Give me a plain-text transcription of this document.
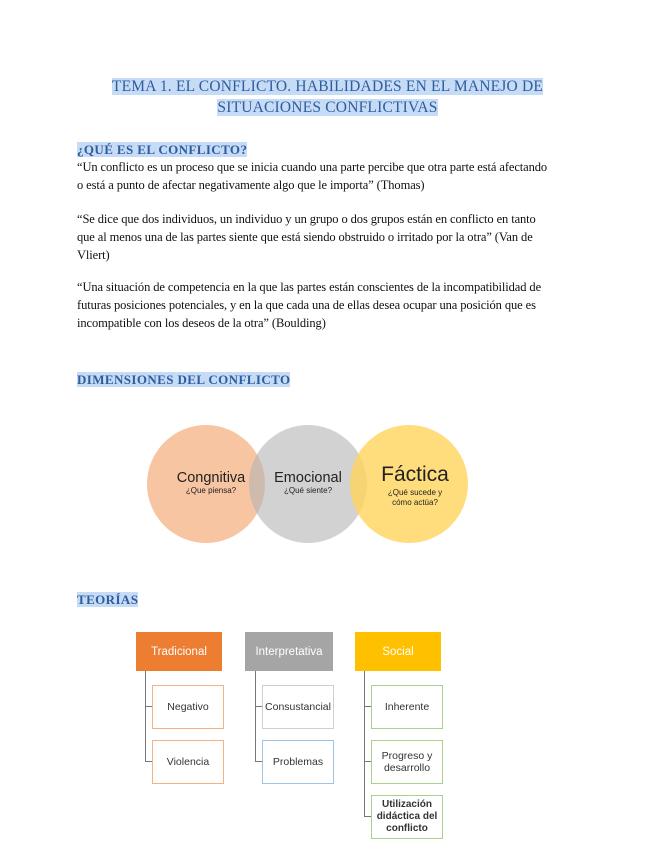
TEMA 1. EL CONFLICTO. HABILIDADES EN EL MANEJO DE
SITUACIONES CONFLICTIVAS
¿QUÉ ES EL CONFLICTO?

“Un conflicto es un proceso que se inicia cuando una parte percibe que otra parte está afectando
o está a punto de afectar negativamente algo que le importa” (Thomas)

“Se dice que dos individuos, un individuo y un grupo o dos grupos están en conflicto en tanto
que al menos una de las partes siente que está siendo obstruido o irritado por la otra” (Van de
Vliert)

“Una situación de competencia en la que las partes están conscientes de la incompatibilidad de
futuras posiciones potenciales, y en la que cada una de ellas desea ocupar una posición que es
incompatible con los deseos de la otra” (Boulding)

DIMENSIONES DEL CONFLICTO
Congnitiva
¿Que piensa?
Emocional
¿Qué siente?
Fáctica
¿Qué sucede y
cómo actúa?
TEORÍAS
Tradicional
Negativo
Violencia
Interpretativa
Consustancial
Problemas
Social
Inherente
Progreso y desarrollo
Utilización didáctica del conflicto
